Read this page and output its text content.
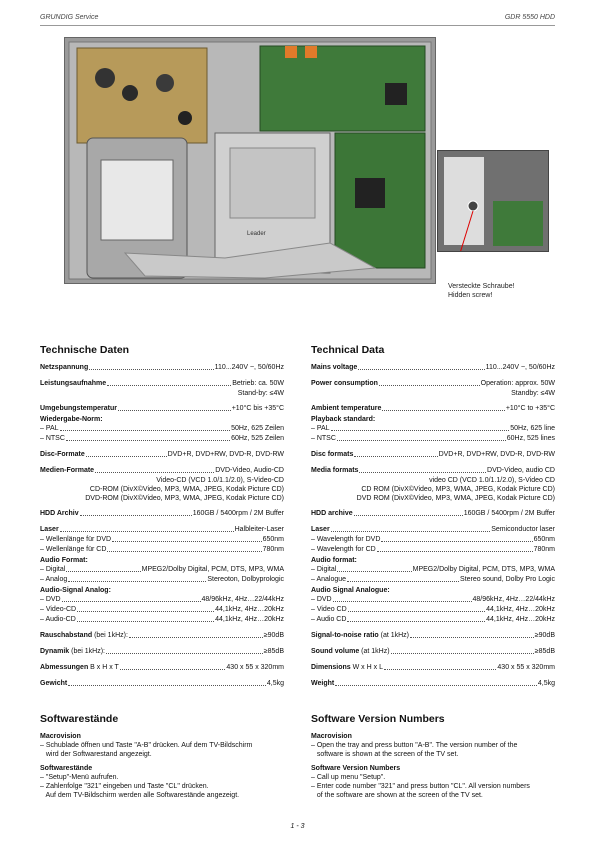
GRUNDIG Service	GDR 5550 HDD
Leader
Versteckte Schraube!
Hidden screw!
Technische Daten
Netzspannung	110...240V ~, 50/60Hz
Leistungsaufnahme	Betrieb: ca. 50W
Stand-by: ≤4W
Umgebungstemperatur	+10°C bis +35°C
Wiedergabe-Norm:
– PAL	50Hz, 625 Zeilen
– NTSC	60Hz, 525 Zeilen
Disc-Formate	DVD+R, DVD+RW, DVD-R, DVD-RW
Medien-Formate	DVD-Video, Audio-CD
Video-CD (VCD 1.0/1.1/2.0), S-Video-CD
CD-ROM (DivX©Video, MP3, WMA, JPEG, Kodak Picture CD)
DVD-ROM (DivX©Video, MP3, WMA, JPEG, Kodak Picture CD)
HDD Archiv	160GB / 5400rpm / 2M Buffer
Laser	Halbleiter-Laser
– Wellenlänge für DVD	650nm
– Wellenlänge für CD	780nm
Audio Format:
– Digital	MPEG2/Dolby Digital, PCM, DTS, MP3, WMA
– Analog	Stereoton, Dolbyprologic
Audio-Signal Analog:
– DVD	48/96kHz, 4Hz…22/44kHz
– Video-CD	44,1kHz, 4Hz…20kHz
– Audio-CD	44,1kHz, 4Hz…20kHz
Rauschabstand (bei 1kHz):	≥90dB
Dynamik (bei 1kHz):	≥85dB
Abmessungen B x H x T	430 x 55 x 320mm
Gewicht	4,5kg
Technical Data
Mains voltage	110...240V ~, 50/60Hz
Power consumption	Operation: approx. 50W
Standby: ≤4W
Ambient temperature	+10°C to +35°C
Playback standard:
– PAL	50Hz, 625 line
– NTSC	60Hz, 525 lines
Disc formats	DVD+R, DVD+RW, DVD-R, DVD-RW
Media formats	DVD-Video, audio CD
video CD (VCD 1.0/1.1/2.0), S-Video CD
CD ROM (DivX©Video, MP3, WMA, JPEG, Kodak Picture CD)
DVD ROM (DivX©Video, MP3, WMA, JPEG, Kodak Picture CD)
HDD archive	160GB / 5400rpm / 2M Buffer
Laser	Semiconductor laser
– Wavelength for DVD	650nm
– Wavelength for CD	780nm
Audio format:
– Digital	MPEG2/Dolby Digital, PCM, DTS, MP3, WMA
– Analogue	Stereo sound, Dolby Pro Logic
Audio Signal Analogue:
– DVD	48/96kHz, 4Hz…22/44kHz
– Video CD	44,1kHz, 4Hz…20kHz
– Audio CD	44,1kHz, 4Hz…20kHz
Signal-to-noise ratio (at 1kHz)	≥90dB
Sound volume (at 1kHz)	≥85dB
Dimensions W x H x L	430 x 55 x 320mm
Weight	4,5kg
Softwarestände

Macrovision

– Schublade öffnen und Taste "A-B" drücken. Auf dem TV-Bildschirm

wird der Softwarestand angezeigt.

Softwarestände

– "Setup"-Menü aufrufen.

– Zahlenfolge "321" eingeben und Taste "CL" drücken.

Auf dem TV-Bildschirm werden alle Softwarestände angezeigt.

Software Version Numbers

Macrovision

– Open the tray and press button "A-B". The version number of the

software is shown at the screen of the TV set.

Software Version Numbers

– Call up menu "Setup".

– Enter code number "321" and press button "CL". All version numbers

of the software are shown at the screen of the TV set.

1 - 3
